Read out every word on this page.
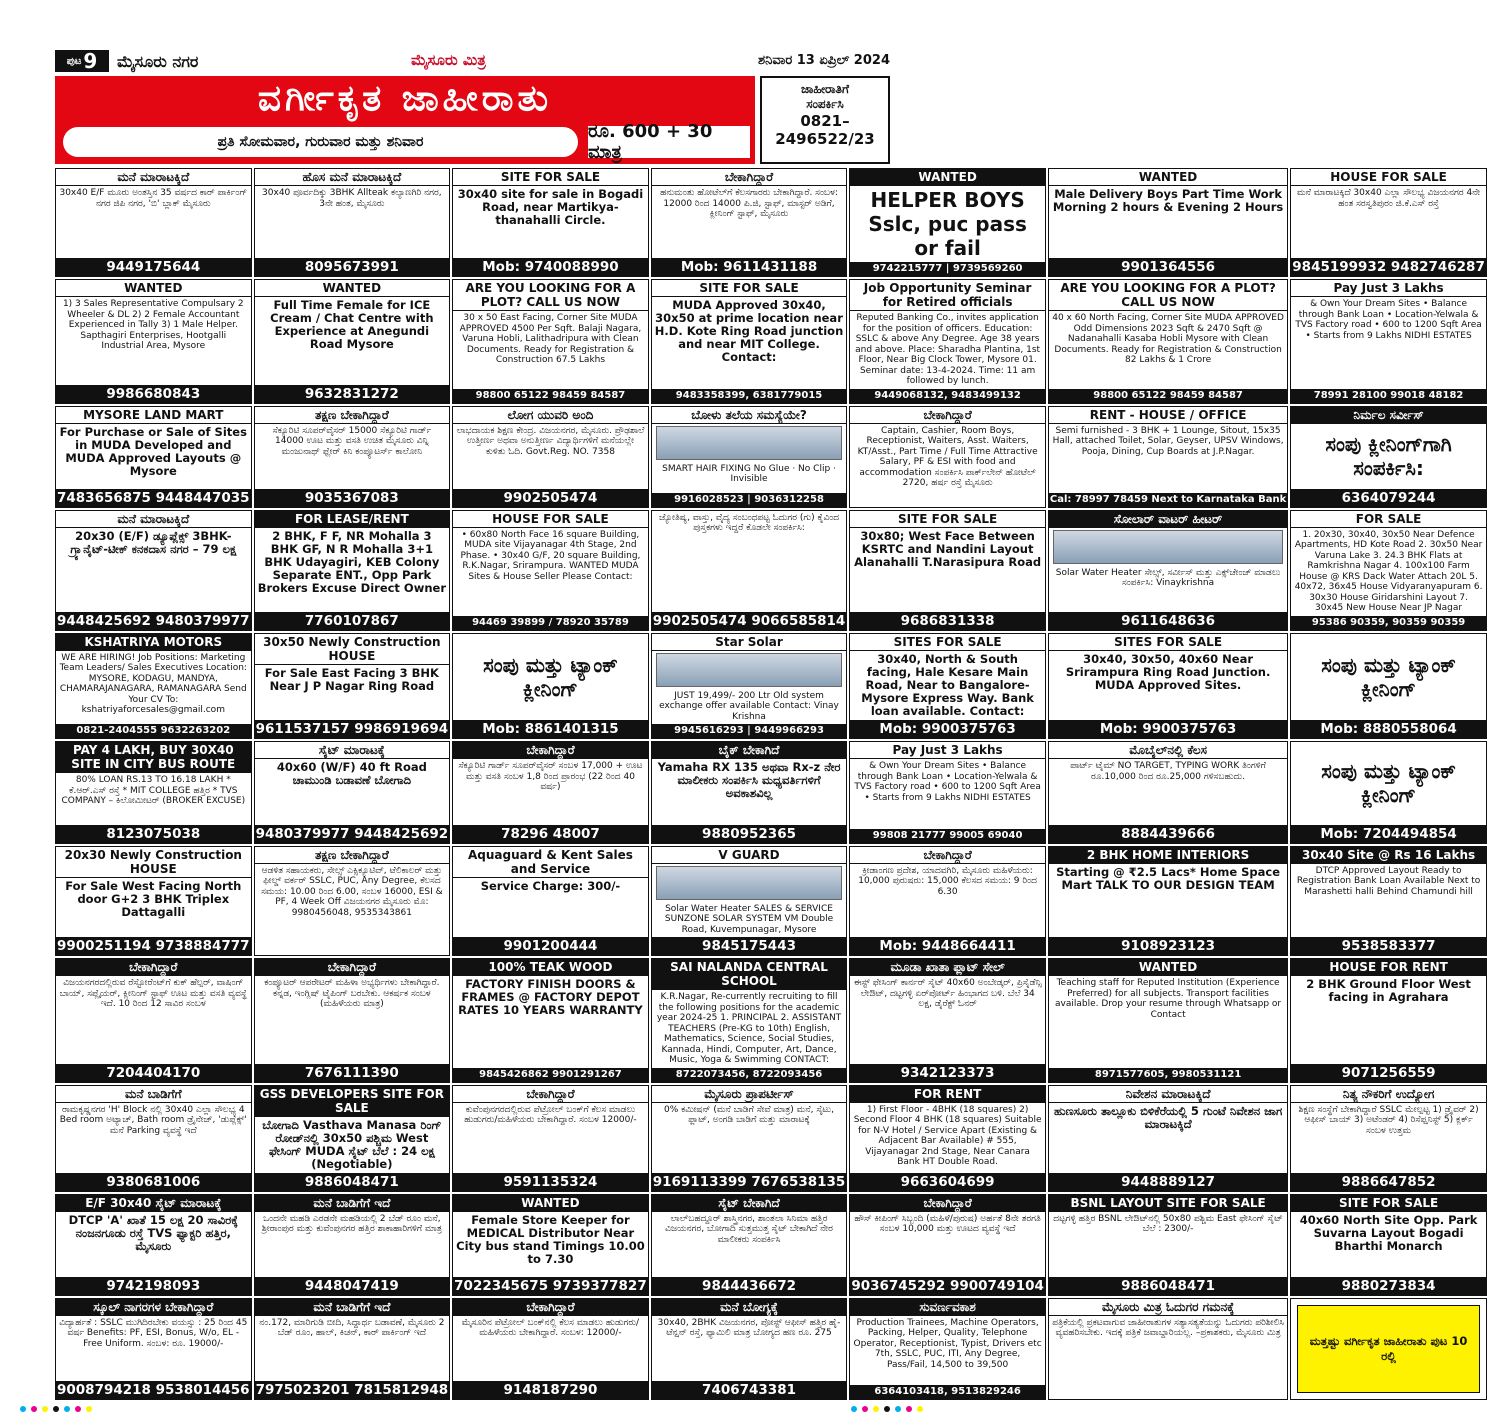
ಪುಟ 9 ಮೈಸೂರು ನಗರ	ಮೈಸೂರು ಮಿತ್ರ	ಶನಿವಾರ 13 ಏಪ್ರಿಲ್ 2024
ವರ್ಗೀಕೃತ ಜಾಹೀರಾತು
ಪ್ರತಿ ಸೋಮವಾರ, ಗುರುವಾರ ಮತ್ತು ಶನಿವಾರ	ರೂ. 600 + 30 ಮಾತ್ರ
ಜಾಹೀರಾತಿಗೆ
ಸಂಪರ್ಕಿಸಿ
0821–
2496522/23
ಮನೆ ಮಾರಾಟಕ್ಕಿದೆ
30x40 E/F ಮೂರು ಅಂತಸ್ತಿನ 35 ವರ್ಷದ ಕಾರ್ ಪಾರ್ಕಿಂಗ್ ನಗರ ಜಿಪಿ ನಗರ, 'ಬಿ' ಬ್ಲಾಕ್ ಮೈಸೂರು
9449175644
ಹೊಸ ಮನೆ ಮಾರಾಟಕ್ಕಿದೆ
30x40 ಪೂರ್ವದಿಕ್ಕು 3BHK Allteak ಕಲ್ಯಾಣಗಿರಿ ನಗರ, 3ನೇ ಹಂತ, ಮೈಸೂರು
8095673991
SITE FOR SALE
30x40 site for sale in Bogadi Road, near Martikya-thanahalli Circle.
Mob: 9740088990
ಬೇಕಾಗಿದ್ದಾರೆ
ಹನುಮಂತು ಹೋಟೆಲ್‌ಗೆ ಕೆಲಸಗಾರರು ಬೇಕಾಗಿದ್ದಾರೆ. ಸಂಬಳ: 12000 ರಿಂದ 14000 ಪಿ.ಜಿ, ಸ್ಟಾಫ್, ಮಾಸ್ಟರ್ ಅಡಿಗೆ, ಕ್ಲೀನಿಂಗ್ ಸ್ಟಾಫ್, ಮೈಸೂರು
Mob: 9611431188
WANTED
HELPER BOYS Sslc, puc pass or fail
9742215777 | 9739569260
WANTED
Male Delivery Boys Part Time Work Morning 2 hours & Evening 2 Hours
9901364556
HOUSE FOR SALE
ಮನೆ ಮಾರಾಟಕ್ಕಿದೆ 30x40 ಎಲ್ಲಾ ಸೌಲಭ್ಯ ವಿಜಯನಗರ 4ನೇ ಹಂತ ಸರಸ್ವತಿಪುರಂ ಜಿ.ಕೆ.ಎಸ್ ರಸ್ತೆ
9845199932 9482746287
WANTED
1) 3 Sales Representative Compulsary 2 Wheeler & DL 2) 2 Female Accountant Experienced in Tally 3) 1 Male Helper. Sapthagiri Enterprises, Hootgalli Industrial Area, Mysore
9986680843
WANTED
Full Time Female for ICE Cream / Chat Centre with Experience at Anegundi Road Mysore
9632831272
ARE YOU LOOKING FOR A PLOT? CALL US NOW
30 x 50 East Facing, Corner Site MUDA APPROVED 4500 Per Sqft. Balaji Nagara, Varuna Hobli, Lalithadripura with Clean Documents. Ready for Registration & Construction 67.5 Lakhs
98800 65122 98459 84587
SITE FOR SALE
MUDA Approved 30x40, 30x50 at prime location near H.D. Kote Ring Road junction and near MIT College. Contact:
9483358399, 6381779015
Job Opportunity Seminar for Retired officials
Reputed Banking Co., invites application for the position of officers. Education: SSLC & above Any Degree. Age 38 years and above. Place: Sharadha Plantina, 1st Floor, Near Big Clock Tower, Mysore 01. Seminar date: 13-4-2024. Time: 11 am followed by lunch.
9449068132, 9483499132
ARE YOU LOOKING FOR A PLOT? CALL US NOW
40 x 60 North Facing, Corner Site MUDA APPROVED Odd Dimensions 2023 Sqft & 2470 Sqft @ Nadanahalli Kasaba Hobli Mysore with Clean Documents. Ready for Registration & Construction 82 Lakhs & 1 Crore
98800 65122 98459 84587
Pay Just 3 Lakhs
& Own Your Dream Sites • Balance through Bank Loan • Location-Yelwala & TVS Factory road • 600 to 1200 Sqft Area • Starts from 9 Lakhs NIDHI ESTATES
78991 28100 99018 48182
MYSORE LAND MART
For Purchase or Sale of Sites in MUDA Developed and MUDA Approved Layouts @ Mysore
7483656875 9448447035
ತಕ್ಷಣ ಬೇಕಾಗಿದ್ದಾರೆ
ಸೆಕ್ಯೂರಿಟಿ ಸೂಪರ್‌ವೈಸರ್ 15000 ಸೆಕ್ಯೂರಿಟಿ ಗಾರ್ಡ್ 14000 ಊಟ ಮತ್ತು ವಸತಿ ಉಚಿತ ಮೈಸೂರು ವಿನ್ನಿ ಮಂಜುನಾಥ್ ಫ್ಲೇರ್ ಕಿನಿ ಕಂಪ್ಯೂಟರ್ಸ್ ಕಾಲೋನಿ
9035367083
ಲೋಗ ಯುವರಿ ಅಂದಿ
ಲಾಭದಾಯಕ ಶಿಕ್ಷಣ ಕೇಂದ್ರ. ವಿಜಯನಗರ, ಮೈಸೂರು. ಪ್ರೌಢಶಾಲೆ ಉತ್ತೀರ್ಣ ಅಥವಾ ಅನುತ್ತೀರ್ಣ ವಿದ್ಯಾರ್ಥಿಗಳಿಗೆ ಮನೆಯಲ್ಲೇ ಕುಳಿತು ಓದಿ. Govt.Reg. NO. 7358
9902505474
ಬೋಳು ತಲೆಯ ಸಮಸ್ಯೆಯೇ?
SMART HAIR FIXING No Glue · No Clip · Invisible
9916028523 | 9036312258
ಬೇಕಾಗಿದ್ದಾರೆ
Captain, Cashier, Room Boys, Receptionist, Waiters, Asst. Waiters, KT/Asst., Part Time / Full Time Attractive Salary, PF & ESI with food and accommodation ಸಂಪರ್ಕಿಸಿ ಪಾರ್ಕ್‌ಲೇನ್ ಹೋಟೆಲ್ 2720, ಹರ್ಷ ರಸ್ತೆ ಮೈಸೂರು
RENT - HOUSE / OFFICE
Semi furnished - 3 BHK + 1 Lounge, Sitout, 15x35 Hall, attached Toilet, Solar, Geyser, UPSV Windows, Pooja, Dining, Cup Boards at J.P.Nagar.
Cal: 78997 78459 Next to Karnataka Bank
ನಿರ್ಮಲ ಸರ್ವೀಸ್
ಸಂಪು ಕ್ಲೀನಿಂಗ್‌ಗಾಗಿ ಸಂಪರ್ಕಿಸಿ:
6364079244
ಮನೆ ಮಾರಾಟಕ್ಕಿದೆ
20x30 (E/F) ಡ್ಯೂಪ್ಲೆಕ್ಸ್ 3BHK- ಗ್ರ್ಯಾನೈಟ್-ಟೀಕ್ ಕನಕದಾಸ ನಗರ – 79 ಲಕ್ಷ
9448425692 9480379977
FOR LEASE/RENT
2 BHK, F F, NR Mohalla 3 BHK GF, N R Mohalla 3+1 BHK Udayagiri, KEB Colony Separate ENT., Opp Park Brokers Excuse Direct Owner
7760107867
HOUSE FOR SALE
• 60x80 North Face 16 square Building, MUDA site Vijayanagar 4th Stage, 2nd Phase. • 30x40 G/F, 20 square Building, R.K.Nagar, Srirampura. WANTED MUDA Sites & House Seller Please Contact:
94469 39899 / 78920 35789
ಜ್ಯೋತಿಷ್ಯ, ವಾಸ್ತು, ವೈದ್ಯ ಸಂಬಂಧಪಟ್ಟ ಓದುಗರ (ಗು) ಕೈವಿಂದ ಪುಸ್ತಕಗಳು ಇದ್ದರೆ ಕೊಡಲೇ ಸಂಪರ್ಕಿಸಿ:
9902505474 9066585814
SITE FOR SALE
30x80; West Face Between KSRTC and Nandini Layout Alanahalli T.Narasipura Road
9686831338
ಸೋಲಾರ್ ವಾಟರ್ ಹೀಟರ್
Solar Water Heater ಸೇಲ್ಸ್, ಸರ್ವೀಸ್ ಮತ್ತು ಎಕ್ಸ್‌ಚೇಂಜ್ ಮಾಡಲು ಸಂಪರ್ಕಿಸಿ: Vinaykrishna
9611648636
FOR SALE
1. 20x30, 30x40, 30x50 Near Defence Apartments, HD Kote Road 2. 30x50 Near Varuna Lake 3. 24.3 BHK Flats at Ramkrishna Nagar 4. 100x100 Farm House @ KRS Dack Water Attach 20L 5. 40x72, 36x45 House Vidyaranyapuram 6. 30x30 House Giridarshini Layout 7. 30x45 New House Near JP Nagar
95386 90359, 90359 90359
KSHATRIYA MOTORS
WE ARE HIRING! Job Positions: Marketing Team Leaders/ Sales Executives Location: MYSORE, KODAGU, MANDYA, CHAMARAJANAGARA, RAMANAGARA Send Your CV To: kshatriyaforcesales@gmail.com
0821-2404555 9632263202
30x50 Newly Construction HOUSE
For Sale East Facing 3 BHK Near J P Nagar Ring Road
9611537157 9986919694
ಸಂಪು ಮತ್ತು ಟ್ಯಾಂಕ್ ಕ್ಲೀನಿಂಗ್
Mob: 8861401315
Star Solar
JUST 19,499/- 200 Ltr Old system exchange offer available Contact: Vinay Krishna
9945616293 | 9449966293
SITES FOR SALE
30x40, North & South facing, Hale Kesare Main Road, Near to Bangalore-Mysore Express Way. Bank loan available. Contact:
Mob: 9900375763
SITES FOR SALE
30x40, 30x50, 40x60 Near Srirampura Ring Road Junction. MUDA Approved Sites.
Mob: 9900375763
ಸಂಪು ಮತ್ತು ಟ್ಯಾಂಕ್ ಕ್ಲೀನಿಂಗ್
Mob: 8880558064
PAY 4 LAKH, BUY 30X40 SITE IN CITY BUS ROUTE
80% LOAN RS.13 TO 16.18 LAKH * ಕೆ.ಆರ್.ಎಸ್ ರಸ್ತೆ * MIT COLLEGE ಹತ್ತಿರ * TVS COMPANY – ಕಿಲೋಮೀಟರ್ (BROKER EXCUSE)
8123075038
ಸೈಟ್ ಮಾರಾಟಕ್ಕೆ
40x60 (W/F) 40 ft Road ಚಾಮುಂಡಿ ಬಡಾವಣೆ ಬೋಗಾದಿ
9480379977 9448425692
ಬೇಕಾಗಿದ್ದಾರೆ
ಸೆಕ್ಯೂರಿಟಿ ಗಾರ್ಡ್ ಸೂಪರ್‌ವೈಸರ್ ಸಂಬಳ 17,000 + ಊಟ ಮತ್ತು ವಸತಿ ಸಂಬಳ 1,8 ರಿಂದ ಪ್ರಾರಂಭ (22 ರಿಂದ 40 ವರ್ಷ)
78296 48007
ಬೈಕ್ ಬೇಕಾಗಿದೆ
Yamaha RX 135 ಅಥವಾ Rx-z ನೇರ ಮಾಲೀಕರು ಸಂಪರ್ಕಿಸಿ ಮಧ್ಯವರ್ತಿಗಳಿಗೆ ಅವಕಾಶವಿಲ್ಲ
9880952365
Pay Just 3 Lakhs
& Own Your Dream Sites • Balance through Bank Loan • Location-Yelwala & TVS Factory road • 600 to 1200 Sqft Area • Starts from 9 Lakhs NIDHI ESTATES
99808 21777 99005 69040
ಮೊಬೈಲ್‌ನಲ್ಲಿ ಕೆಲಸ
ಪಾರ್ಟ್ ಟೈಮ್ NO TARGET, TYPING WORK ತಿಂಗಳಿಗೆ ರೂ.10,000 ರಿಂದ ರೂ.25,000 ಗಳಿಸಬಹುದು.
8884439666
ಸಂಪು ಮತ್ತು ಟ್ಯಾಂಕ್ ಕ್ಲೀನಿಂಗ್
Mob: 7204494854
20x30 Newly Construction HOUSE
For Sale West Facing North door G+2 3 BHK Triplex Dattagalli
9900251194 9738884777
ತಕ್ಷಣ ಬೇಕಾಗಿದ್ದಾರೆ
ಆಡಳಿತ ಸಹಾಯಕರು, ಸೇಲ್ಸ್ ಎಕ್ಸಿಕ್ಯೂಟಿವ್, ಟೆಲಿಕಾಲರ್ ಮತ್ತು ಫೀಲ್ಡ್ ವರ್ಕರ್ SSLC, PUC, Any Degree, ಕೆಲಸದ ಸಮಯ: 10.00 ರಿಂದ 6.00, ಸಂಬಳ 16000, ESI & PF, 4 Week Off ವಿಜಯನಗರ ಮೈಸೂರು ಮೊ: 9980456048, 9535343861
Aquaguard & Kent Sales and Service
Service Charge: 300/-
9901200444
V GUARD
Solar Water Heater SALES & SERVICE SUNZONE SOLAR SYSTEM VM Double Road, Kuvempunagar, Mysore
9845175443
ಬೇಕಾಗಿದ್ದಾರೆ
ಕ್ರೀಡಾಂಗಣ ಪ್ರದೇಶ, ಯಾದವಗಿರಿ, ಮೈಸೂರು ಮಹಿಳೆಯರು: 10,000 ಪುರುಷರು: 15,000 ಕೆಲಸದ ಸಮಯ: 9 ರಿಂದ 6.30
Mob: 9448664411
2 BHK HOME INTERIORS
Starting @ ₹2.5 Lacs* Home Space Mart TALK TO OUR DESIGN TEAM
9108923123
30x40 Site @ Rs 16 Lakhs
DTCP Approved Layout Ready to Registration Bank Loan Available Next to Marashetti halli Behind Chamundi hill
9538583377
ಬೇಕಾಗಿದ್ದಾರೆ
ವಿಜಯನಗರದಲ್ಲಿರುವ ರೆಸ್ಟೋರೆಂಟ್‌ಗೆ ಕುಕ್ ಹೆಲ್ಪರ್, ವಾಷಿಂಗ್ ಬಾಯ್, ಸಪ್ಲೈಯರ್, ಕ್ಲೀನಿಂಗ್ ಸ್ಟಾಫ್ ಊಟ ಮತ್ತು ವಸತಿ ವ್ಯವಸ್ಥೆ ಇದೆ. 10 ರಿಂದ 12 ಸಾವಿರ ಸಂಬಳ
7204404170
ಬೇಕಾಗಿದ್ದಾರೆ
ಕಂಪ್ಯೂಟರ್ ಆಪರೇಟರ್ ಮಹಿಳಾ ಅಭ್ಯರ್ಥಿಗಳು ಬೇಕಾಗಿದ್ದಾರೆ. ಕನ್ನಡ, ಇಂಗ್ಲಿಷ್ ಟೈಪಿಂಗ್ ಬರಬೇಕು. ಆಕರ್ಷಕ ಸಂಬಳ (ಮಹಿಳೆಯರು ಮಾತ್ರ)
7676111390
100% TEAK WOOD
FACTORY FINISH DOORS & FRAMES @ FACTORY DEPOT RATES 10 YEARS WARRANTY
9845426862 9901291267
SAI NALANDA CENTRAL SCHOOL
K.R.Nagar, Re-currently recruiting to fill the following positions for the academic year 2024-25 1. PRINCIPAL 2. ASSISTANT TEACHERS (Pre-KG to 10th) English, Mathematics, Science, Social Studies, Kannada, Hindi, Computer, Art, Dance, Music, Yoga & Swimming CONTACT:
8722073456, 8722093456
ಮೂಡಾ ಖಾತಾ ಫ್ಲಾಟ್ ಸೇಲ್
ಈಸ್ಟ್ ಫೇಸಿಂಗ್ ಕಾರ್ನರ್ ಸೈಟ್ 40x60 ಅಂಬೇಡ್ಕರ್, ಪ್ರಿಸೈಡೆನ್ಸಿ ಲೇಔಟ್, ದಟ್ಟಗಳ್ಳಿ ಏರ್‌ಪೋರ್ಟ್ ಹಿಂಭಾಗದ ಬಳಿ. ಬೆಲೆ 34 ಲಕ್ಷ, ಡೈರೆಕ್ಟ್ ಓನರ್
9342123373
WANTED
Teaching staff for Reputed Institution (Experience Preferred) for all subjects. Transport facilities available. Drop your resume through Whatsapp or Contact
8971577605, 9980531121
HOUSE FOR RENT
2 BHK Ground Floor West facing in Agrahara
9071256559
ಮನೆ ಬಾಡಿಗೆಗೆ
ರಾಮಕೃಷ್ಣನಗರ 'H' Block ನಲ್ಲಿ 30x40 ಎಲ್ಲಾ ಸೌಲಭ್ಯ 4 Bed room ಅಟ್ಯಾಚ್, Bath room ಡ್ರೈನೇಜ್, 'ಡುಪ್ಲೆಕ್ಸ್' ಮನೆ Parking ವ್ಯವಸ್ಥೆ ಇದೆ
9380681006
GSS DEVELOPERS SITE FOR SALE
ಬೋಗಾದಿ Vasthava Manasa ರಿಂಗ್ ರೋಡ್‌ನಲ್ಲಿ 30x50 ಪಶ್ಚಿಮ West ಫೇಸಿಂಗ್ MUDA ಸೈಟ್ ಬೆಲೆ : 24 ಲಕ್ಷ (Negotiable)
9886048471
ಬೇಕಾಗಿದ್ದಾರೆ
ಕುವೆಂಪುನಗರದಲ್ಲಿರುವ ಪೆಟ್ರೋಲ್ ಬಂಕ್‌ಗೆ ಕೆಲಸ ಮಾಡಲು ಹುಡುಗರು/ಮಹಿಳೆಯರು ಬೇಕಾಗಿದ್ದಾರೆ. ಸಂಬಳ 12000/-
9591135324
ಮೈಸೂರು ಪ್ರಾಪರ್ಟೀಸ್
0% ಕಮೀಷನ್ (ಮನೆ ಬಾಡಿಗೆ ಸೇವೆ ಮಾತ್ರ) ಮನೆ, ಸೈಟು, ಫ್ಲಾಟ್, ಅಂಗಡಿ ಬಾಡಿಗೆ ಮತ್ತು ಮಾರಾಟಕ್ಕೆ
9169113399 7676538135
FOR RENT
1) First Floor - 4BHK (18 squares) 2) Second Floor 4 BHK (18 squares) Suitable for N-V Hotel / Service Apart (Existing & Adjacent Bar Available) # 555, Vijayanagar 2nd Stage, Near Canara Bank HT Double Road.
9663604699
ನಿವೇಶನ ಮಾರಾಟಕ್ಕಿದೆ
ಹುಣಸೂರು ತಾಲ್ಲೂಕು ಬಿಳಿಕೆರೆಯಲ್ಲಿ 5 ಗುಂಟೆ ನಿವೇಶನ ಜಾಗ ಮಾರಾಟಕ್ಕಿದೆ
9448889127
ನಿತ್ಯ ನೌಕರಿಗೆ ಉದ್ಯೋಗ
ಶಿಕ್ಷಣ ಸಂಸ್ಥೆಗೆ ಬೇಕಾಗಿದ್ದಾರೆ SSLC ಮೇಲ್ಪಟ್ಟ 1) ಡ್ರೈವರ್ 2) ಆಫೀಸ್ ಬಾಯ್ 3) ಅಟೆಂಡರ್ 4) ರಿಸೆಪ್ಷನಿಸ್ಟ್ 5) ಕ್ಲರ್ಕ್ ಸಂಬಳ ಉತ್ತಮ
9886647852
E/F 30x40 ಸೈಟ್ ಮಾರಾಟಕ್ಕೆ
DTCP 'A' ಖಾತೆ 15 ಲಕ್ಷ 20 ಸಾವಿರಕ್ಕೆ ನಂಜನಗೂಡು ರಸ್ತೆ TVS ಫ್ಯಾಕ್ಟರಿ ಹತ್ತಿರ, ಮೈಸೂರು
9742198093
ಮನೆ ಬಾಡಿಗೆಗೆ ಇದೆ
ಒಂದನೇ ಮಹಡಿ ಎರಡನೇ ಮಹಡಿಯಲ್ಲಿ 2 ಬೆಡ್ ರೂಂ ಮನೆ, ಶ್ರೀರಾಂಪುರ ಮತ್ತು ಕುವೆಂಪುನಗರ ಹತ್ತಿರ ಶಾಕಾಹಾರಿಗಳಿಗೆ ಮಾತ್ರ
9448047419
WANTED
Female Store Keeper for MEDICAL Distributor Near City bus stand Timings 10.00 to 7.30
7022345675 9739377827
ಸೈಟ್ ಬೇಕಾಗಿದೆ
ಲಾಲ್‌ಬಹದ್ದೂರ್ ಶಾಸ್ತ್ರಿನಗರ, ಶಾಂತಲಾ ಸಿನಿಮಾ ಹತ್ತಿರ ವಿಜಯನಗರ, ಬೋಗಾದಿ ಸುತ್ತಮುತ್ತ ಸೈಟ್ ಬೇಕಾಗಿದೆ ನೇರ ಮಾಲೀಕರು ಸಂಪರ್ಕಿಸಿ
9844436672
ಬೇಕಾಗಿದ್ದಾರೆ
ಹೌಸ್ ಕೀಪಿಂಗ್ ಸಿಬ್ಬಂದಿ (ಮಹಿಳೆ/ಪುರುಷ) ಅರ್ಹತೆ 8ನೇ ತರಗತಿ ಸಂಬಳ 10,000 ಮತ್ತು ಊಟದ ವ್ಯವಸ್ಥೆ ಇದೆ
9036745292 9900749104
BSNL LAYOUT SITE FOR SALE
ದಟ್ಟಗಳ್ಳಿ ಹತ್ತಿರ BSNL ಲೇಔಟ್‌ನಲ್ಲಿ 50x80 ಪಶ್ಚಿಮ East ಫೇಸಿಂಗ್ ಸೈಟ್ ಬೆಲೆ : 2300/-
9886048471
SITE FOR SALE
40x60 North Site Opp. Park Suvarna Layout Bogadi Bharthi Monarch
9880273834
ಸ್ಕೂಲ್ ನಾಗರಗಳ ಬೇಕಾಗಿದ್ದಾರೆ
ವಿದ್ಯಾರ್ಹತೆ : SSLC ಮುಗಿದಿರಬೇಕು ವಯಸ್ಸು : 25 ರಿಂದ 45 ವರ್ಷ Benefits: PF, ESI, Bonus, W/o, EL - Free Uniform. ಸಂಬಳ: ರೂ. 19000/-
9008794218 9538014456
ಮನೆ ಬಾಡಿಗೆಗೆ ಇದೆ
ನಂ.172, ಮಾರಿಗುಡಿ ಬೀದಿ, ಸಿದ್ದಾರ್ಥ ಬಡಾವಣೆ, ಮೈಸೂರು 2 ಬೆಡ್ ರೂಂ, ಹಾಲ್, ಕಿಚನ್, ಕಾರ್ ಪಾರ್ಕಿಂಗ್ ಇದೆ
7975023201 7815812948
ಬೇಕಾಗಿದ್ದಾರೆ
ಮೈಸೂರಿನ ಪೆಟ್ರೋಲ್ ಬಂಕ್‌ನಲ್ಲಿ ಕೆಲಸ ಮಾಡಲು ಹುಡುಗರು/ಮಹಿಳೆಯರು ಬೇಕಾಗಿದ್ದಾರೆ. ಸಂಬಳ: 12000/-
9148187290
ಮನೆ ಬೋಗ್ಯಕ್ಕೆ
30x40, 2BHK ವಿಜಯನಗರ, ಪೋಸ್ಟ್ ಆಫೀಸ್ ಹತ್ತಿರ ಹೈ-ಟೆನ್ಷನ್ ರಸ್ತೆ, ಫ್ಯಾಮಿಲಿ ಮಾತ್ರ ಬೋಗ್ಯದ ಹಣ ರೂ. 275
7406743381
ಸುವರ್ಣವಕಾಶ
Production Trainees, Machine Operators, Packing, Helper, Quality, Telephone Operator, Receptionist, Typist, Drivers etc 7th, SSLC, PUC, ITI, Any Degree, Pass/Fail, 14,500 to 39,500
6364103418, 9513829246
ಮೈಸೂರು ಮಿತ್ರ ಓದುಗರ ಗಮನಕ್ಕೆ
ಪತ್ರಿಕೆಯಲ್ಲಿ ಪ್ರಕಟವಾಗುವ ಜಾಹೀರಾತುಗಳ ಸತ್ಯಾಸತ್ಯತೆಯನ್ನು ಓದುಗರು ಪರಿಶೀಲಿಸಿ ವ್ಯವಹರಿಸಬೇಕು. ಇದಕ್ಕೆ ಪತ್ರಿಕೆ ಜವಾಬ್ದಾರಿಯಲ್ಲ. –ಪ್ರಕಾಶಕರು, ಮೈಸೂರು ಮಿತ್ರ
ಮತ್ತಷ್ಟು ವರ್ಗೀಕೃತ ಜಾಹೀರಾತು ಪುಟ 10 ರಲ್ಲಿ
